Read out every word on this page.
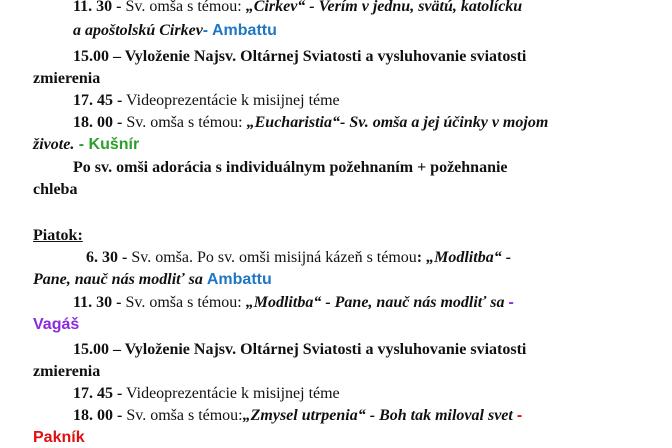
11. 30 - Sv. omša s témou: „Cirkev“ - Verím v jednu, svätú, katolícku
a apoštolskú Cirkev- Ambattu
15.00 – Vyloženie Najsv. Oltárnej Sviatosti a vysluhovanie sviatosti
zmierenia
17. 45 - Videoprezentácie k misijnej téme
18. 00 - Sv. omša s témou: „Eucharistia“- Sv. omša a jej účinky v mojom
živote. - Kušnír
Po sv. omši adorácia s individuálnym požehnaním + požehnanie
chleba
Piatok:
6. 30 - Sv. omša. Po sv. omši misijná kázeň s témou: „Modlitba“ -
Pane, nauč nás modliť sa Ambattu
11. 30 - Sv. omša s témou: „Modlitba“ - Pane, nauč nás modliť sa -
Vagáš
15.00 – Vyloženie Najsv. Oltárnej Sviatosti a vysluhovanie sviatosti
zmierenia
17. 45 - Videoprezentácie k misijnej téme
18. 00 - Sv. omša s témou:„Zmysel utrpenia“ - Boh tak miloval svet -
Pakník
